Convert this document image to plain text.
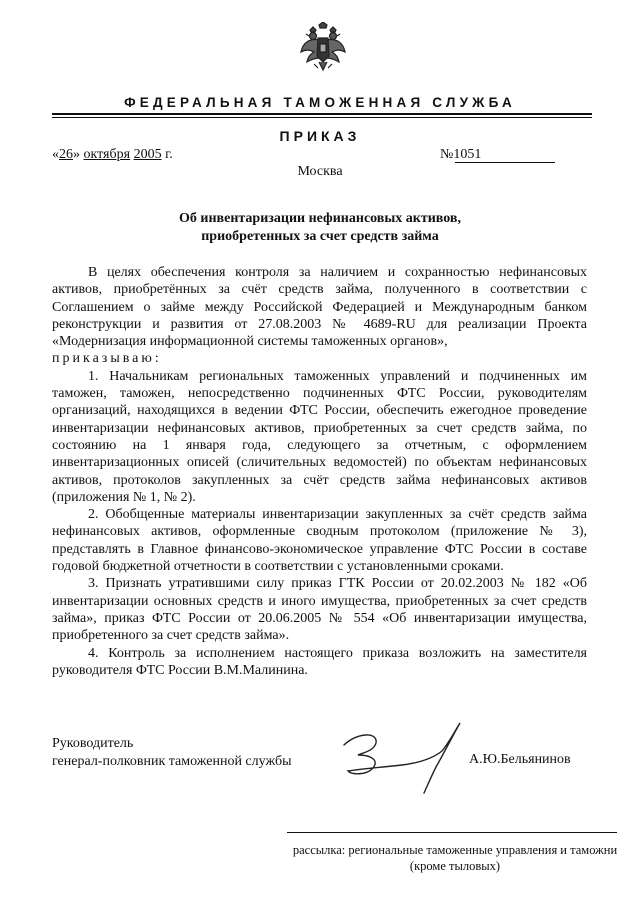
ФЕДЕРАЛЬНАЯ ТАМОЖЕННАЯ СЛУЖБА
ПРИКАЗ
«26» октября 2005 г.	№1051
Москва
Об инвентаризации нефинансовых активов,
приобретенных за счет средств займа

В целях обеспечения контроля за наличием и сохранностью нефинансовых активов, приобретённых за счёт средств займа, полученного в соответствии с Соглашением о займе между Российской Федерацией и Международным банком реконструкции и развития от 27.08.2003 № 4689-RU для реализации Проекта «Модернизация информационной системы таможенных органов»,

приказываю:

1. Начальникам региональных таможенных управлений и подчиненных им таможен, таможен, непосредственно подчиненных ФТС России, руководителям организаций, находящихся в ведении ФТС России, обеспечить ежегодное проведение инвентаризации нефинансовых активов, приобретенных за счет средств займа, по состоянию на 1 января года, следующего за отчетным, с оформлением инвентаризационных описей (сличительных ведомостей) по объектам нефинансовых активов, протоколов закупленных за счёт средств займа нефинансовых активов (приложения № 1, № 2).

2. Обобщенные материалы инвентаризации закупленных за счёт средств займа нефинансовых активов, оформленные сводным протоколом (приложение № 3), представлять в Главное финансово-экономическое управление ФТС России в составе годовой бюджетной отчетности в соответствии с установленными сроками.

3. Признать утратившими силу приказ ГТК России от 20.02.2003 № 182 «Об инвентаризации основных средств и иного имущества, приобретенных за счет средств займа», приказ ФТС России от 20.06.2005 № 554 «Об инвентаризации имущества, приобретенного за счет средств займа».

4. Контроль за исполнением настоящего приказа возложить на заместителя руководителя ФТС России В.М.Малинина.

Руководитель
генерал-полковник таможенной службы	А.Ю.Бельянинов
рассылка: региональные таможенные управления и таможни
(кроме тыловых)
